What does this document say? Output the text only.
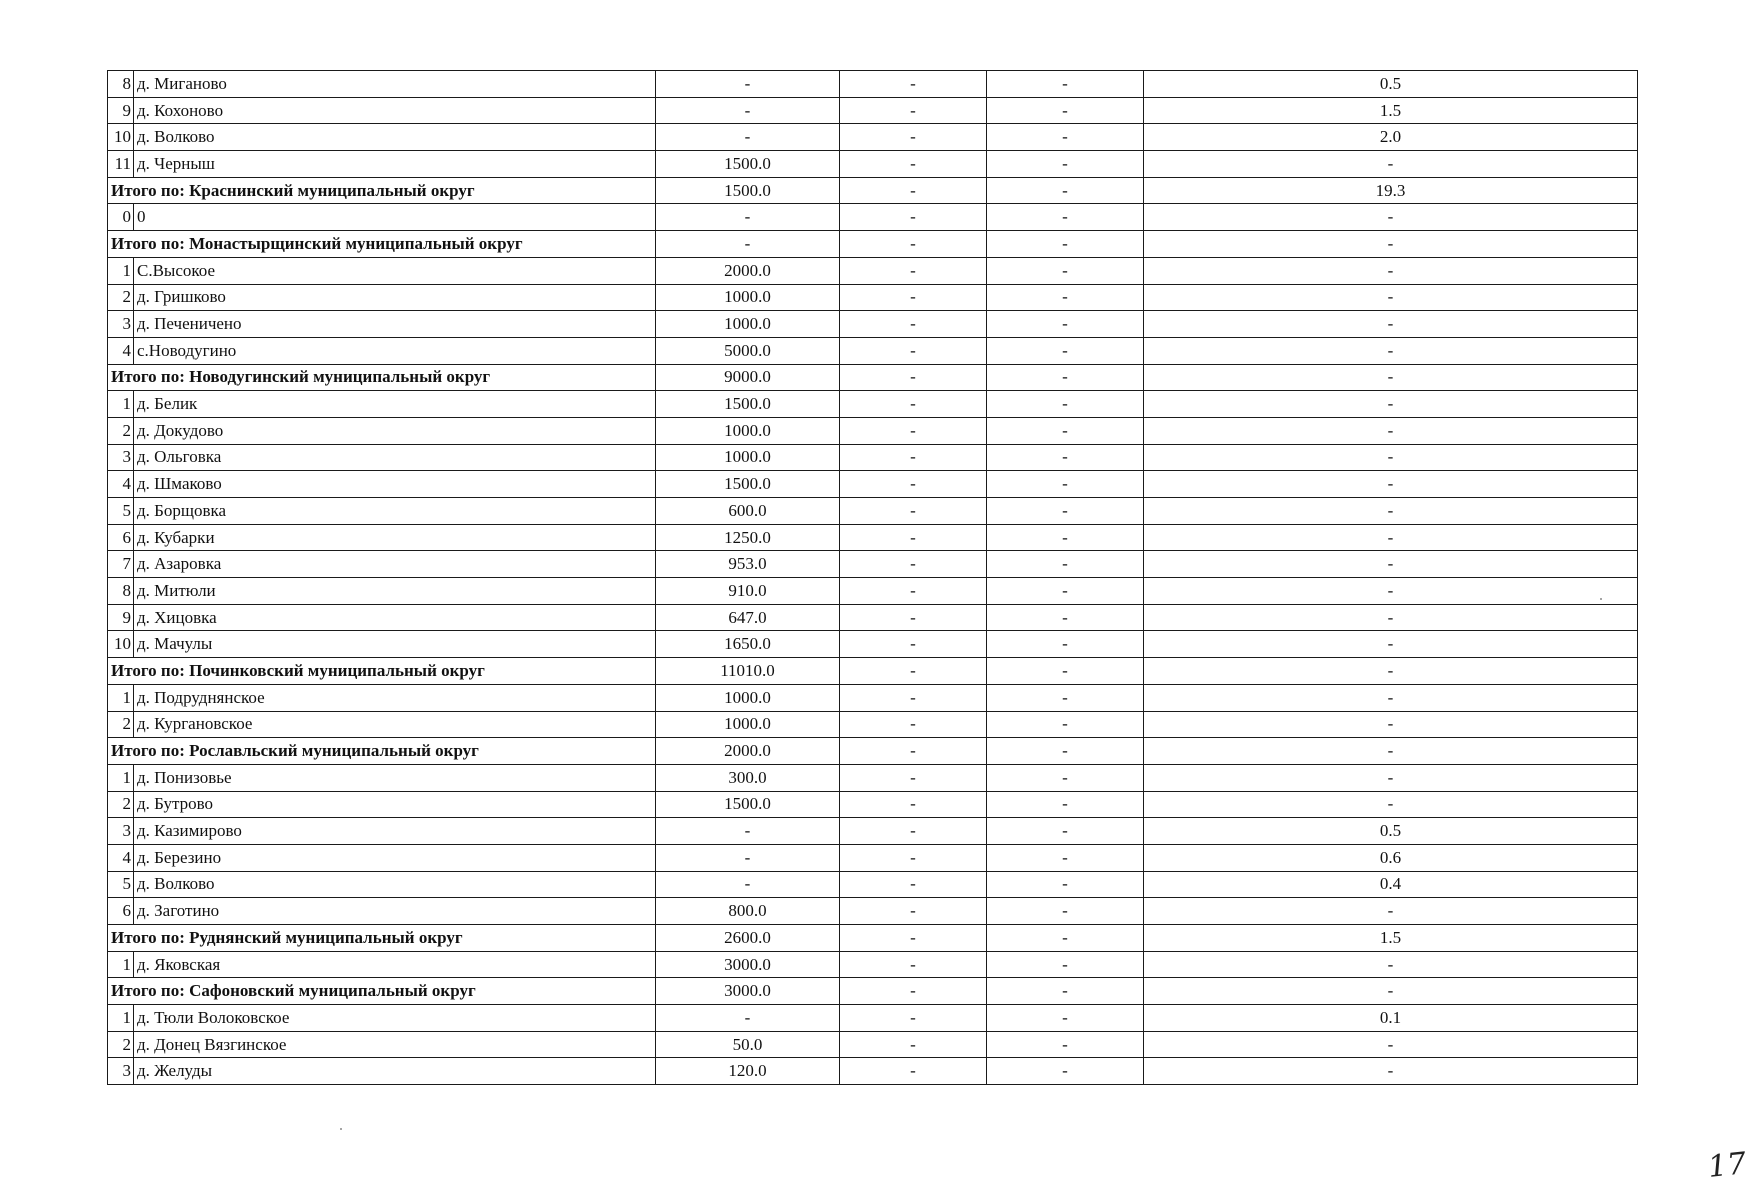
8	д. Миганово	-	-	-	0.5
9	д. Кохоново	-	-	-	1.5
10	д. Волково	-	-	-	2.0
11	д. Черныш	1500.0	-	-	-
Итого по: Краснинский муниципальный округ		1500.0	-	-	19.3
0	0	-	-	-	-
Итого по: Монастырщинский муниципальный округ		-	-	-	-
1	С.Высокое	2000.0	-	-	-
2	д. Гришково	1000.0	-	-	-
3	д. Печеничено	1000.0	-	-	-
4	с.Новодугино	5000.0	-	-	-
Итого по: Новодугинский муниципальный округ		9000.0	-	-	-
1	д. Белик	1500.0	-	-	-
2	д. Докудово	1000.0	-	-	-
3	д. Ольговка	1000.0	-	-	-
4	д. Шмаково	1500.0	-	-	-
5	д. Борщовка	600.0	-	-	-
6	д. Кубарки	1250.0	-	-	-
7	д. Азаровка	953.0	-	-	-
8	д. Митюли	910.0	-	-	-
9	д. Хицовка	647.0	-	-	-
10	д. Мачулы	1650.0	-	-	-
Итого по: Починковский муниципальный округ		11010.0	-	-	-
1	д. Подруднянское	1000.0	-	-	-
2	д. Кургановское	1000.0	-	-	-
Итого по: Рославльский муниципальный округ		2000.0	-	-	-
1	д. Понизовье	300.0	-	-	-
2	д. Бутрово	1500.0	-	-	-
3	д. Казимирово	-	-	-	0.5
4	д. Березино	-	-	-	0.6
5	д. Волково	-	-	-	0.4
6	д. Заготино	800.0	-	-	-
Итого по: Руднянский муниципальный округ		2600.0	-	-	1.5
1	д. Яковская	3000.0	-	-	-
Итого по: Сафоновский муниципальный округ		3000.0	-	-	-
1	д. Тюли Волоковское	-	-	-	0.1
2	д. Донец Вязгинское	50.0	-	-	-
3	д. Желуды	120.0	-	-	-
17
